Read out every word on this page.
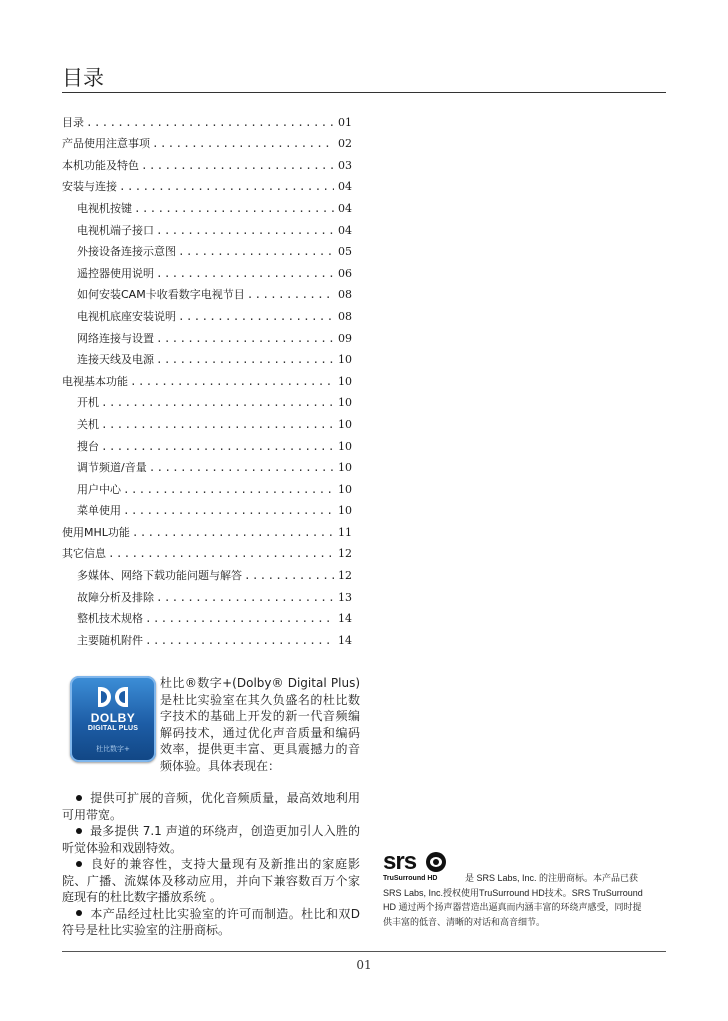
目录
目录 .....	01
产品使用注意事项 .....	02
本机功能及特色 .....	03
安装与连接 .....	04
电视机按键 .....	04
电视机端子接口 .....	04
外接设备连接示意图 .....	05
遥控器使用说明 .....	06
如何安装CAM卡收看数字电视节目 .....	08
电视机底座安装说明 .....	08
网络连接与设置 .....	09
连接天线及电源 .....	10
电视基本功能 .....	10
开机 .....	10
关机 .....	10
搜台 .....	10
调节频道/音量 .....	10
用户中心 .....	10
菜单使用 .....	10
使用MHL功能 .....	11
其它信息 .....	12
多媒体、网络下载功能问题与解答 .....	12
故障分析及排除 .....	13
整机技术规格 .....	14
主要随机附件 .....	14
DOLBY
DIGITAL PLUS
杜比数字+
杜比®数字+(Dolby® Digital Plus)是杜比实验室在其久负盛名的杜比数字技术的基础上开发的新一代音频编解码技术，通过优化声音质量和编码效率，提供更丰富、更具震撼力的音频体验。具体表现在：

提供可扩展的音频，优化音频质量，最高效地利用可用带宽。

最多提供 7.1 声道的环绕声，创造更加引人入胜的听觉体验和戏剧特效。

良好的兼容性，支持大量现有及新推出的家庭影院、广播、流媒体及移动应用，并向下兼容数百万个家庭现有的杜比数字播放系统 。

本产品经过杜比实验室的许可而制造。杜比和双D符号是杜比实验室的注册商标。

srs
TruSurround HD	是 SRS Labs, Inc. 的注册商标。本产品已获SRS Labs, Inc.授权使用TruSurround HD技术。SRS TruSurround HD 通过两个扬声器营造出逼真而内涵丰富的环绕声感受，同时提供丰富的低音、清晰的对话和高音细节。
01
